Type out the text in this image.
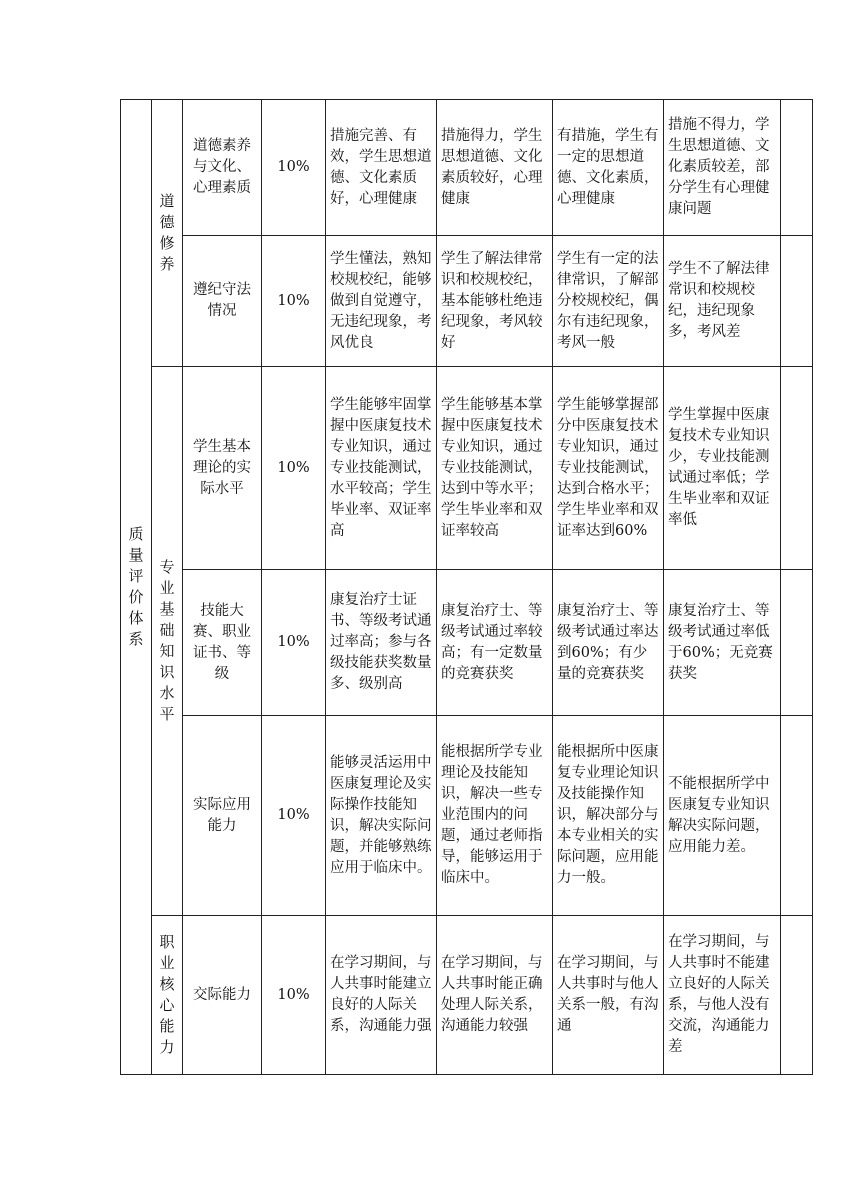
质量评价体系	道德修养	道德素养与文化、心理素质	10%	措施完善、有效，学生思想道德、文化素质好，心理健康	措施得力，学生思想道德、文化素质较好，心理健康	有措施，学生有一定的思想道德、文化素质，心理健康	措施不得力，学生思想道德、文化素质较差，部分学生有心理健康问题	
		遵纪守法情况	10%	学生懂法，熟知校规校纪，能够做到自觉遵守，无违纪现象，考风优良	学生了解法律常识和校规校纪，基本能够杜绝违纪现象，考风较好	学生有一定的法律常识，了解部分校规校纪，偶尔有违纪现象，考风一般	学生不了解法律常识和校规校纪，违纪现象多，考风差	

	专业基础知识水平	学生基本理论的实际水平	10%	学生能够牢固掌握中医康复技术专业知识，通过专业技能测试，水平较高；学生毕业率、双证率高	学生能够基本掌握中医康复技术专业知识，通过专业技能测试，达到中等水平；学生毕业率和双证率较高	学生能够掌握部分中医康复技术专业知识，通过专业技能测试，达到合格水平；学生毕业率和双证率达到60%	学生掌握中医康复技术专业知识少，专业技能测试通过率低；学生毕业率和双证率低	
		技能大赛、职业证书、等级	10%	康复治疗士证书、等级考试通过率高；参与各级技能获奖数量多、级别高	康复治疗士、等级考试通过率较高；有一定数量的竞赛获奖	康复治疗士、等级考试通过率达到60%；有少量的竞赛获奖	康复治疗士、等级考试通过率低于60%；无竞赛获奖	
		实际应用能力	10%	能够灵活运用中医康复理论及实际操作技能知识，解决实际问题，并能够熟练应用于临床中。	能根据所学专业理论及技能知识，解决一些专业范围内的问题，通过老师指导，能够运用于临床中。	能根据所中医康复专业理论知识及技能操作知识，解决部分与本专业相关的实际问题，应用能力一般。	不能根据所学中医康复专业知识解决实际问题，应用能力差。	

	职业核心能力	交际能力	10%	在学习期间，与人共事时能建立良好的人际关系，沟通能力强	在学习期间，与人共事时能正确处理人际关系，沟通能力较强	在学习期间，与人共事时与他人关系一般，有沟通	在学习期间，与人共事时不能建立良好的人际关系，与他人没有交流，沟通能力差	
